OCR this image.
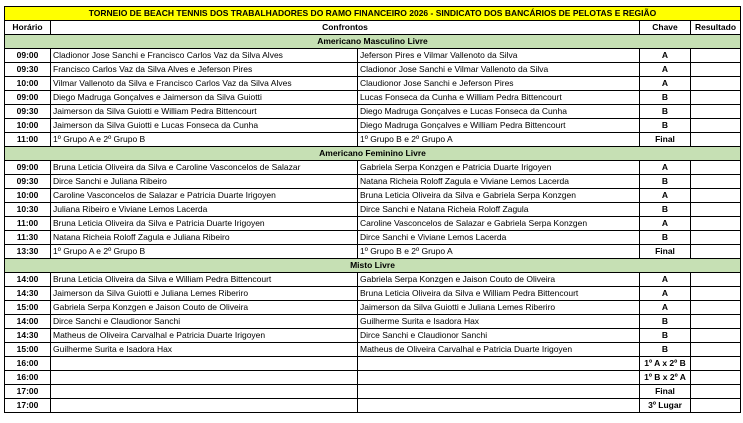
TORNEIO DE BEACH TENNIS DOS TRABALHADORES DO RAMO FINANCEIRO 2026 - SINDICATO DOS BANCÁRIOS DE PELOTAS E REGIÃO				
Horário	Confrontos		Chave	Resultado
Americano Masculino Livre				
09:00	Cladionor Jose Sanchi e Francisco Carlos Vaz da Silva Alves	Jeferson Pires e Vilmar Vallenoto da Silva	A	
09:30	Francisco Carlos Vaz da Silva Alves e Jeferson Pires	Cladionor Jose Sanchi e Vilmar Vallenoto da Silva	A	
10:00	Vilmar Vallenoto da Silva e Francisco Carlos Vaz da Silva Alves	Claudionor Jose Sanchi e Jeferson Pires	A	
09:00	Diego Madruga Gonçalves e Jaimerson da Silva Guiotti	Lucas Fonseca da Cunha e William Pedra Bittencourt	B	
09:30	Jaimerson da Silva Guiotti e William Pedra Bittencourt	Diego Madruga Gonçalves e Lucas Fonseca da Cunha	B	
10:00	Jaimerson da Silva Guiotti e Lucas Fonseca da Cunha	Diego Madruga Gonçalves e William Pedra Bittencourt	B	
11:00	1º Grupo A e 2º Grupo B	1º Grupo B e 2º Grupo A	Final	
Americano Feminino Livre				
09:00	Bruna Leticia Oliveira da Silva e Caroline Vasconcelos de Salazar	Gabriela Serpa Konzgen e Patricia Duarte Irigoyen	A	
09:30	Dirce Sanchi e Juliana Ribeiro	Natana Richeia Roloff Zagula e Viviane Lemos Lacerda	B	
10:00	Caroline Vasconcelos de Salazar e Patricia Duarte Irigoyen	Bruna Leticia Oliveira da Silva e Gabriela Serpa Konzgen	A	
10:30	Juliana Ribeiro e Viviane Lemos Lacerda	Dirce Sanchi e Natana Richeia Roloff Zagula	B	
11:00	Bruna Leticia Oliveira da Silva e Patricia Duarte Irigoyen	Caroline Vasconcelos de Salazar e Gabriela Serpa Konzgen	A	
11:30	Natana Richeia Roloff Zagula e Juliana Ribeiro	Dirce Sanchi e Viviane Lemos Lacerda	B	
13:30	1º Grupo A e 2º Grupo B	1º Grupo B e 2º Grupo A	Final	
Misto Livre				
14:00	Bruna Leticia Oliveira da Silva e William Pedra Bittencourt	Gabriela Serpa Konzgen e Jaison Couto de Oliveira	A	
14:30	Jaimerson da Silva Guiotti e Juliana Lemes Riberiro	Bruna Leticia Oliveira da Silva e William Pedra Bittencourt	A	
15:00	Gabriela Serpa Konzgen e Jaison Couto de Oliveira	Jaimerson da Silva Guiotti e Juliana Lemes Riberiro	A	
14:00	Dirce Sanchi e Claudionor Sanchi	Guilherme Surita e Isadora Hax	B	
14:30	Matheus de Oliveira Carvalhal e Patricia Duarte Irigoyen	Dirce Sanchi e Claudionor Sanchi	B	
15:00	Guilherme Surita e Isadora Hax	Matheus de Oliveira Carvalhal e Patricia Duarte Irigoyen	B	
16:00			1º A x 2º B	
16:00			1º B x 2º A	
17:00			Final	
17:00			3º Lugar	
